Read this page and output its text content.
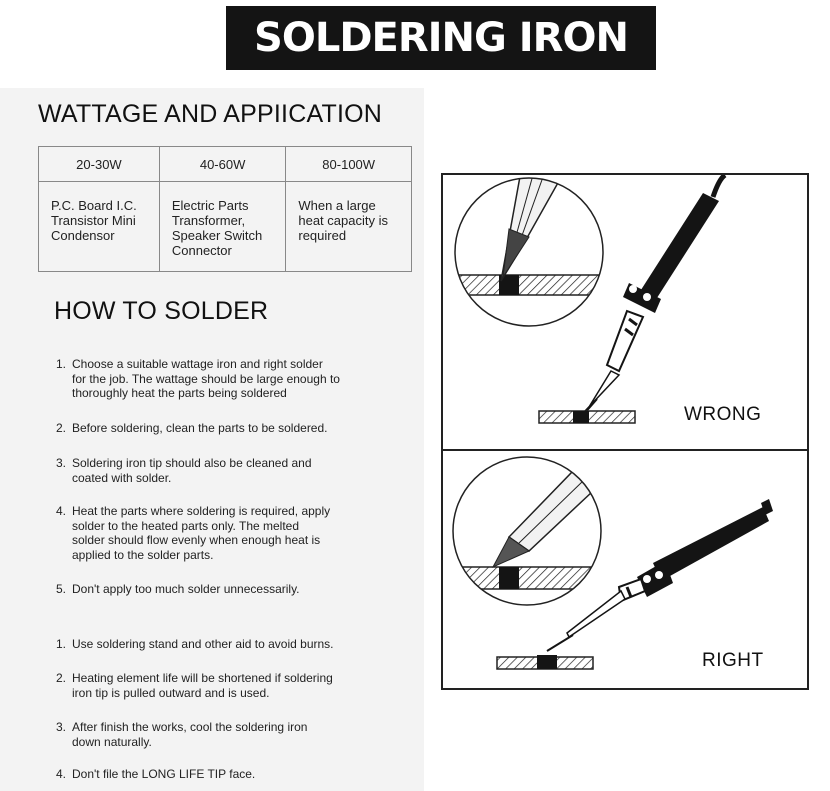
SOLDERING IRON
WATTAGE AND APPIICATION
20-30W	40-60W	80-100W

P.C. Board I.C.
Transistor Mini
Condensor	Electric Parts
Transformer,
Speaker Switch
Connector	When a large
heat capacity is
required
HOW TO SOLDER
1. Choose a suitable wattage iron and right solder
for the job. The wattage should be large enough to
thoroughly heat the parts being soldered
2. Before soldering, clean the parts to be soldered.
3. Soldering iron tip should also be cleaned and
coated with solder.
4. Heat the parts where soldering is required, apply
solder to the heated parts only. The melted
solder should flow evenly when enough heat is
applied to the solder parts.
5. Don't apply too much solder unnecessarily.
1. Use soldering stand and other aid to avoid burns.
2. Heating element life will be shortened if soldering
iron tip is pulled outward and is used.
3. After finish the works, cool the soldering iron
down naturally.
4. Don't file the LONG LIFE TIP face.
WRONG
RIGHT
